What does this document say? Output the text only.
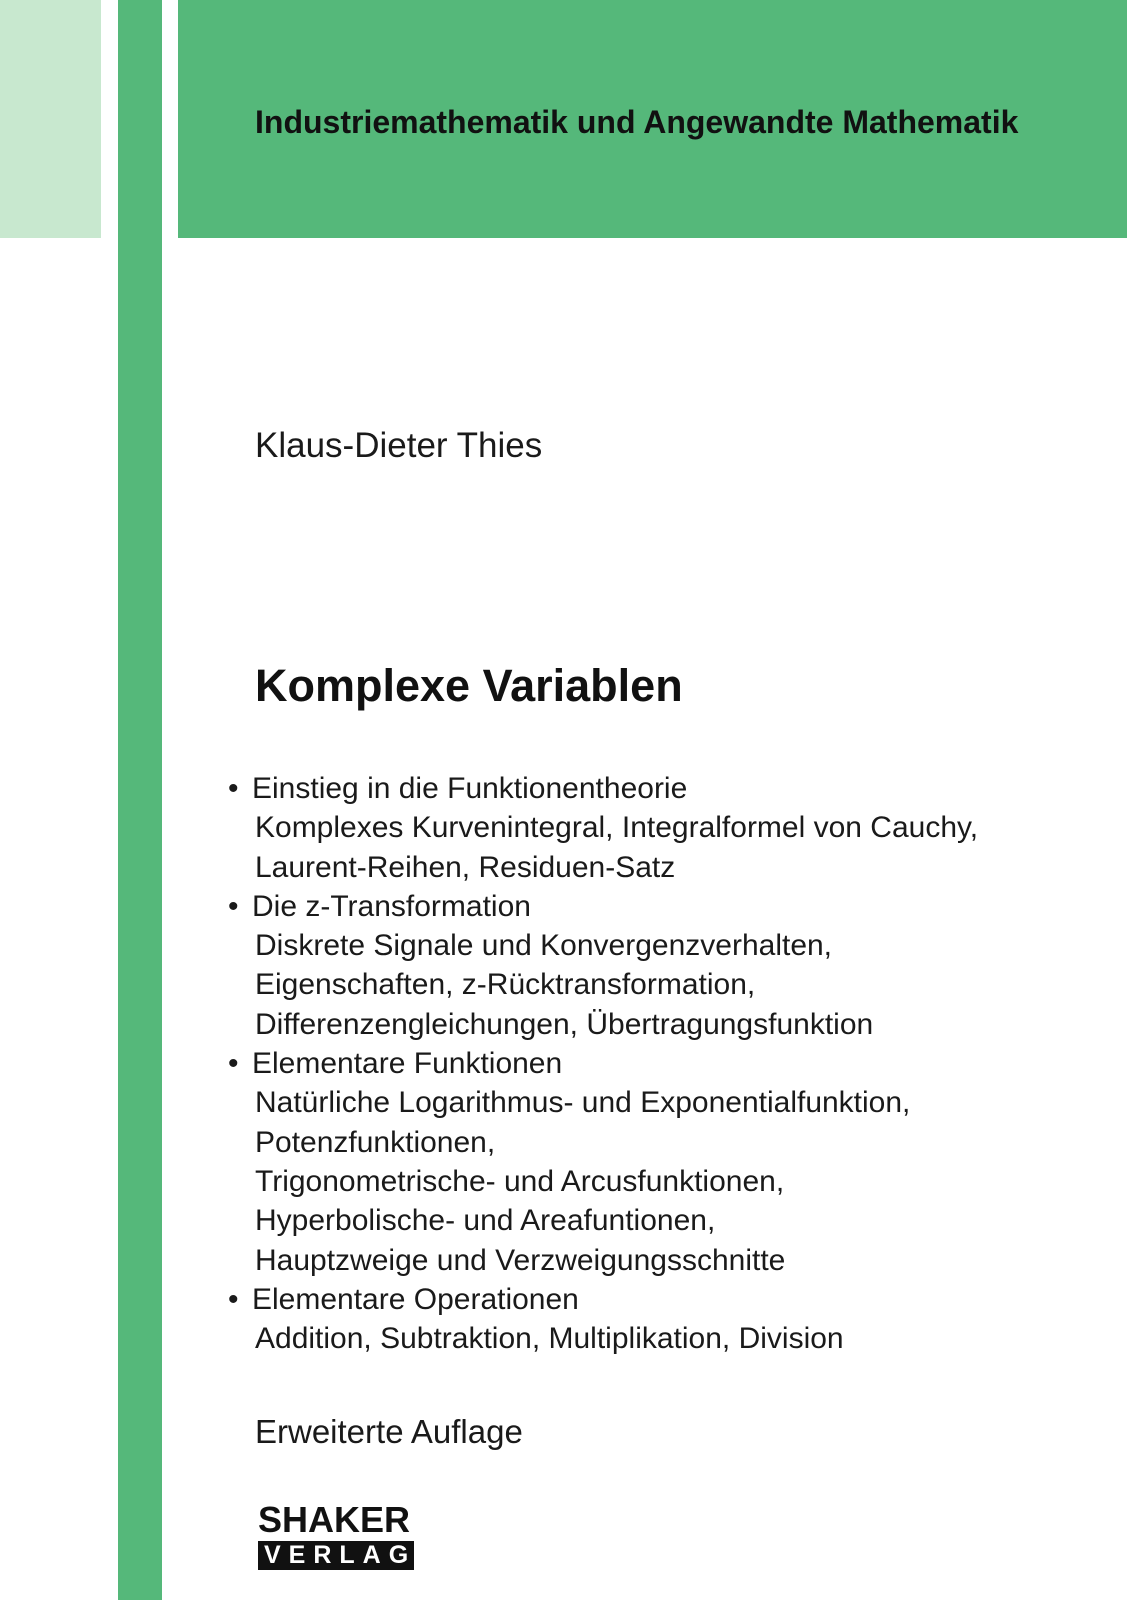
Industriemathematik und Angewandte Mathematik
Klaus-Dieter Thies
Komplexe Variablen
• Einstieg in die Funktionentheorie
Komplexes Kurvenintegral, Integralformel von Cauchy,
Laurent-Reihen, Residuen-Satz
• Die z-Transformation
Diskrete Signale und Konvergenzverhalten,
Eigenschaften, z-Rücktransformation,
Differenzengleichungen, Übertragungsfunktion
• Elementare Funktionen
Natürliche Logarithmus- und Exponentialfunktion,
Potenzfunktionen,
Trigonometrische- und Arcusfunktionen,
Hyperbolische- und Areafuntionen,
Hauptzweige und Verzweigungsschnitte
• Elementare Operationen
Addition, Subtraktion, Multiplikation, Division
Erweiterte Auflage
SHAKER
VERLAG
